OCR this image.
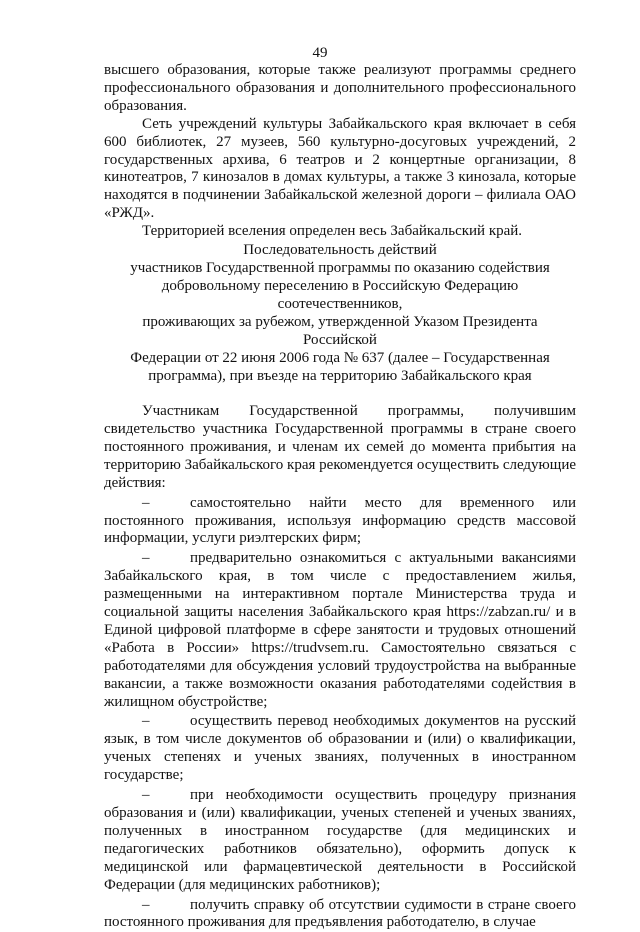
49

высшего образования, которые также реализуют программы среднего профессионального образования и дополнительного профессионального образования.

Сеть учреждений культуры Забайкальского края включает в себя 600 библиотек, 27 музеев, 560 культурно-досуговых учреждений, 2 государственных архива, 6 театров и 2 концертные организации, 8 кинотеатров, 7 кинозалов в домах культуры, а также 3 кинозала, которые находятся в подчинении Забайкальской железной дороги – филиала ОАО «РЖД».

Территорией вселения определен весь Забайкальский край.

Последовательность действий
участников Государственной программы по оказанию содействия
добровольному переселению в Российскую Федерацию соотечественников,
проживающих за рубежом, утвержденной Указом Президента Российской
Федерации от 22 июня 2006 года № 637 (далее – Государственная
программа), при въезде на территорию Забайкальского края

Участникам Государственной программы, получившим свидетельство участника Государственной программы в стране своего постоянного проживания, и членам их семей до момента прибытия на территорию Забайкальского края рекомендуется осуществить следующие действия:

–	самостоятельно найти место для временного или постоянного проживания, используя информацию средств массовой информации, услуги риэлтерских фирм;

–	предварительно ознакомиться с актуальными вакансиями Забайкальского края, в том числе с предоставлением жилья, размещенными на интерактивном портале Министерства труда и социальной защиты населения Забайкальского края https://zabzan.ru/ и в Единой цифровой платформе в сфере занятости и трудовых отношений «Работа в России» https://trudvsem.ru. Самостоятельно связаться с работодателями для обсуждения условий трудоустройства на выбранные вакансии, а также возможности оказания работодателями содействия в жилищном обустройстве;

–	осуществить перевод необходимых документов на русский язык, в том числе документов об образовании и (или) о квалификации, ученых степенях и ученых званиях, полученных в иностранном государстве;

–	при необходимости осуществить процедуру признания образования и (или) квалификации, ученых степеней и ученых званиях, полученных в иностранном государстве (для медицинских и педагогических работников обязательно), оформить допуск к медицинской или фармацевтической деятельности в Российской Федерации (для медицинских работников);

–	получить справку об отсутствии судимости в стране своего постоянного проживания для предъявления работодателю, в случае
